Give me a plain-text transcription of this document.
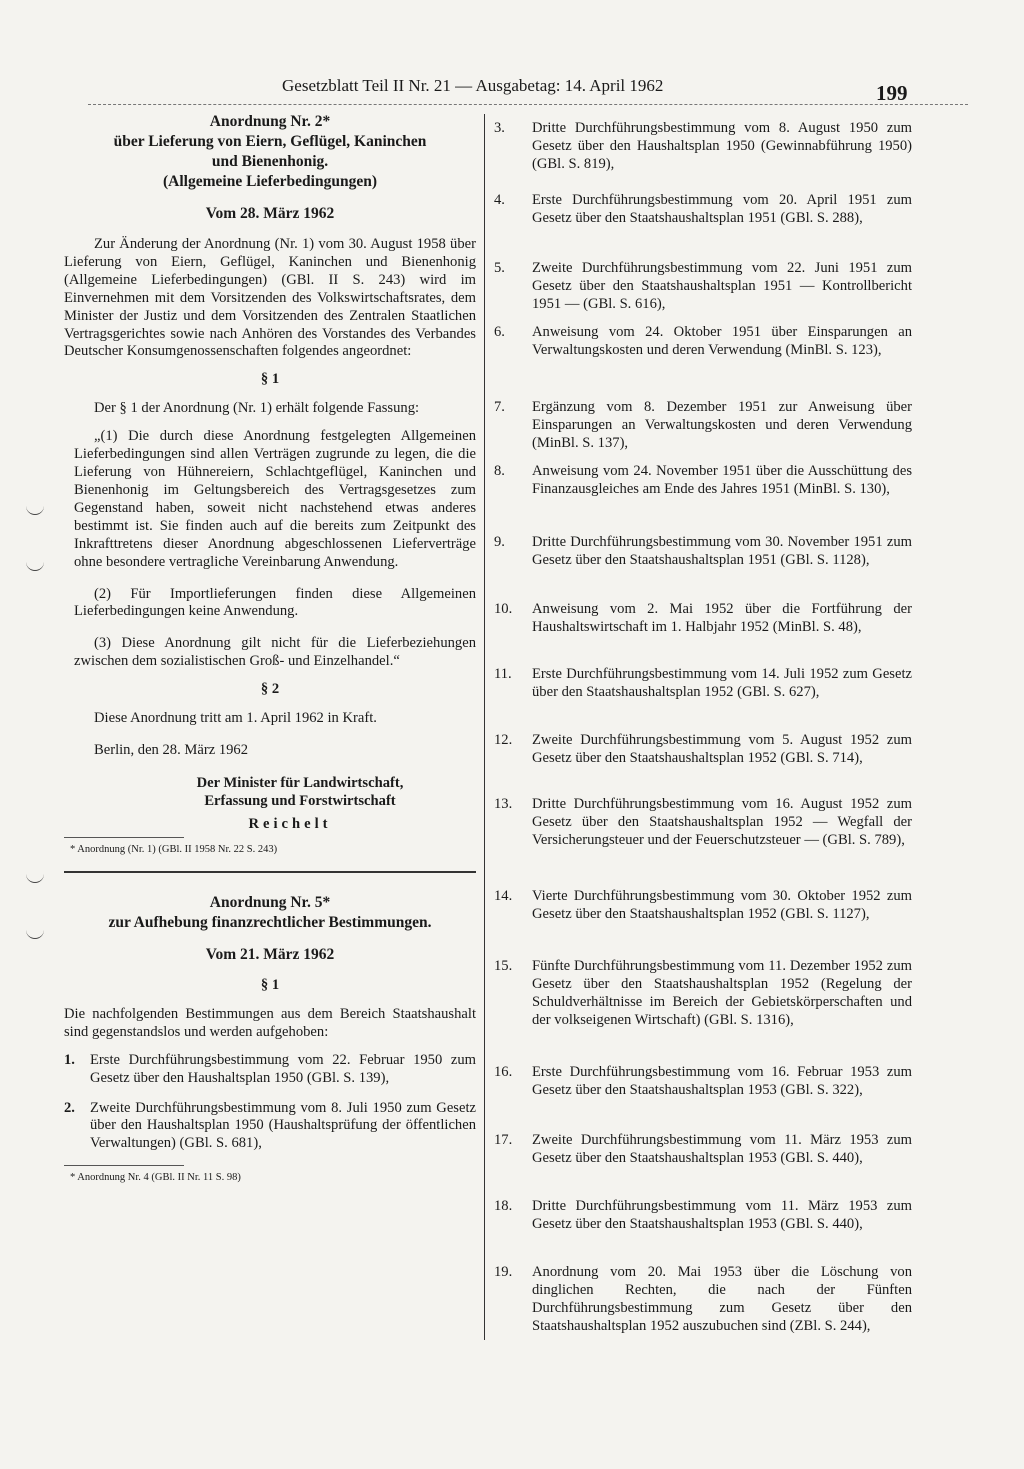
Gesetzblatt Teil II Nr. 21 — Ausgabetag: 14. April 1962	199
Anordnung Nr. 2*
über Lieferung von Eiern, Geflügel, Kaninchen
und Bienenhonig.
(Allgemeine Lieferbedingungen)
Vom 28. März 1962

Zur Änderung der Anordnung (Nr. 1) vom 30. August 1958 über Lieferung von Eiern, Geflügel, Kaninchen und Bienenhonig (Allgemeine Lieferbedingungen) (GBl. II S. 243) wird im Einvernehmen mit dem Vorsitzenden des Volkswirtschaftsrates, dem Minister der Justiz und dem Vorsitzenden des Zentralen Staatlichen Vertragsgerichtes sowie nach Anhören des Vorstandes des Verbandes Deutscher Konsumgenossenschaften folgendes angeordnet:

§ 1

Der § 1 der Anordnung (Nr. 1) erhält folgende Fassung:

„(1) Die durch diese Anordnung festgelegten Allgemeinen Lieferbedingungen sind allen Verträgen zugrunde zu legen, die die Lieferung von Hühnereiern, Schlachtgeflügel, Kaninchen und Bienenhonig im Geltungsbereich des Vertragsgesetzes zum Gegenstand haben, soweit nicht nachstehend etwas anderes bestimmt ist. Sie finden auch auf die bereits zum Zeitpunkt des Inkrafttretens dieser Anordnung abgeschlossenen Lieferverträge ohne besondere vertragliche Vereinbarung Anwendung.

(2) Für Importlieferungen finden diese Allgemeinen Lieferbedingungen keine Anwendung.

(3) Diese Anordnung gilt nicht für die Lieferbeziehungen zwischen dem sozialistischen Groß- und Einzelhandel.“

§ 2

Diese Anordnung tritt am 1. April 1962 in Kraft.

Berlin, den 28. März 1962

Der Minister für Landwirtschaft,
Erfassung und Forstwirtschaft
Reichelt
* Anordnung (Nr. 1) (GBl. II 1958 Nr. 22 S. 243)
Anordnung Nr. 5*
zur Aufhebung finanzrechtlicher Bestimmungen.
Vom 21. März 1962
§ 1

Die nachfolgenden Bestimmungen aus dem Bereich Staatshaushalt sind gegenstandslos und werden aufgehoben:

1.	Erste Durchführungsbestimmung vom 22. Februar 1950 zum Gesetz über den Haushaltsplan 1950 (GBl. S. 139),
2.	Zweite Durchführungsbestimmung vom 8. Juli 1950 zum Gesetz über den Haushaltsplan 1950 (Haushaltsprüfung der öffentlichen Verwaltungen) (GBl. S. 681),
* Anordnung Nr. 4 (GBl. II Nr. 11 S. 98)
3.	Dritte Durchführungsbestimmung vom 8. August 1950 zum Gesetz über den Haushaltsplan 1950 (Gewinnabführung 1950) (GBl. S. 819),
4.	Erste Durchführungsbestimmung vom 20. April 1951 zum Gesetz über den Staatshaushaltsplan 1951 (GBl. S. 288),
5.	Zweite Durchführungsbestimmung vom 22. Juni 1951 zum Gesetz über den Staatshaushaltsplan 1951 — Kontrollbericht 1951 — (GBl. S. 616),
6.	Anweisung vom 24. Oktober 1951 über Einsparungen an Verwaltungskosten und deren Verwendung (MinBl. S. 123),
7.	Ergänzung vom 8. Dezember 1951 zur Anweisung über Einsparungen an Verwaltungskosten und deren Verwendung (MinBl. S. 137),
8.	Anweisung vom 24. November 1951 über die Ausschüttung des Finanzausgleiches am Ende des Jahres 1951 (MinBl. S. 130),
9.	Dritte Durchführungsbestimmung vom 30. November 1951 zum Gesetz über den Staatshaushaltsplan 1951 (GBl. S. 1128),
10.	Anweisung vom 2. Mai 1952 über die Fortführung der Haushaltswirtschaft im 1. Halbjahr 1952 (MinBl. S. 48),
11.	Erste Durchführungsbestimmung vom 14. Juli 1952 zum Gesetz über den Staatshaushaltsplan 1952 (GBl. S. 627),
12.	Zweite Durchführungsbestimmung vom 5. August 1952 zum Gesetz über den Staatshaushaltsplan 1952 (GBl. S. 714),
13.	Dritte Durchführungsbestimmung vom 16. August 1952 zum Gesetz über den Staatshaushaltsplan 1952 — Wegfall der Versicherungsteuer und der Feuerschutzsteuer — (GBl. S. 789),
14.	Vierte Durchführungsbestimmung vom 30. Oktober 1952 zum Gesetz über den Staatshaushaltsplan 1952 (GBl. S. 1127),
15.	Fünfte Durchführungsbestimmung vom 11. Dezember 1952 zum Gesetz über den Staatshaushaltsplan 1952 (Regelung der Schuldverhältnisse im Bereich der Gebietskörperschaften und der volkseigenen Wirtschaft) (GBl. S. 1316),
16.	Erste Durchführungsbestimmung vom 16. Februar 1953 zum Gesetz über den Staatshaushaltsplan 1953 (GBl. S. 322),
17.	Zweite Durchführungsbestimmung vom 11. März 1953 zum Gesetz über den Staatshaushaltsplan 1953 (GBl. S. 440),
18.	Dritte Durchführungsbestimmung vom 11. März 1953 zum Gesetz über den Staatshaushaltsplan 1953 (GBl. S. 440),
19.	Anordnung vom 20. Mai 1953 über die Löschung von dinglichen Rechten, die nach der Fünften Durchführungsbestimmung zum Gesetz über den Staatshaushaltsplan 1952 auszubuchen sind (ZBl. S. 244),
